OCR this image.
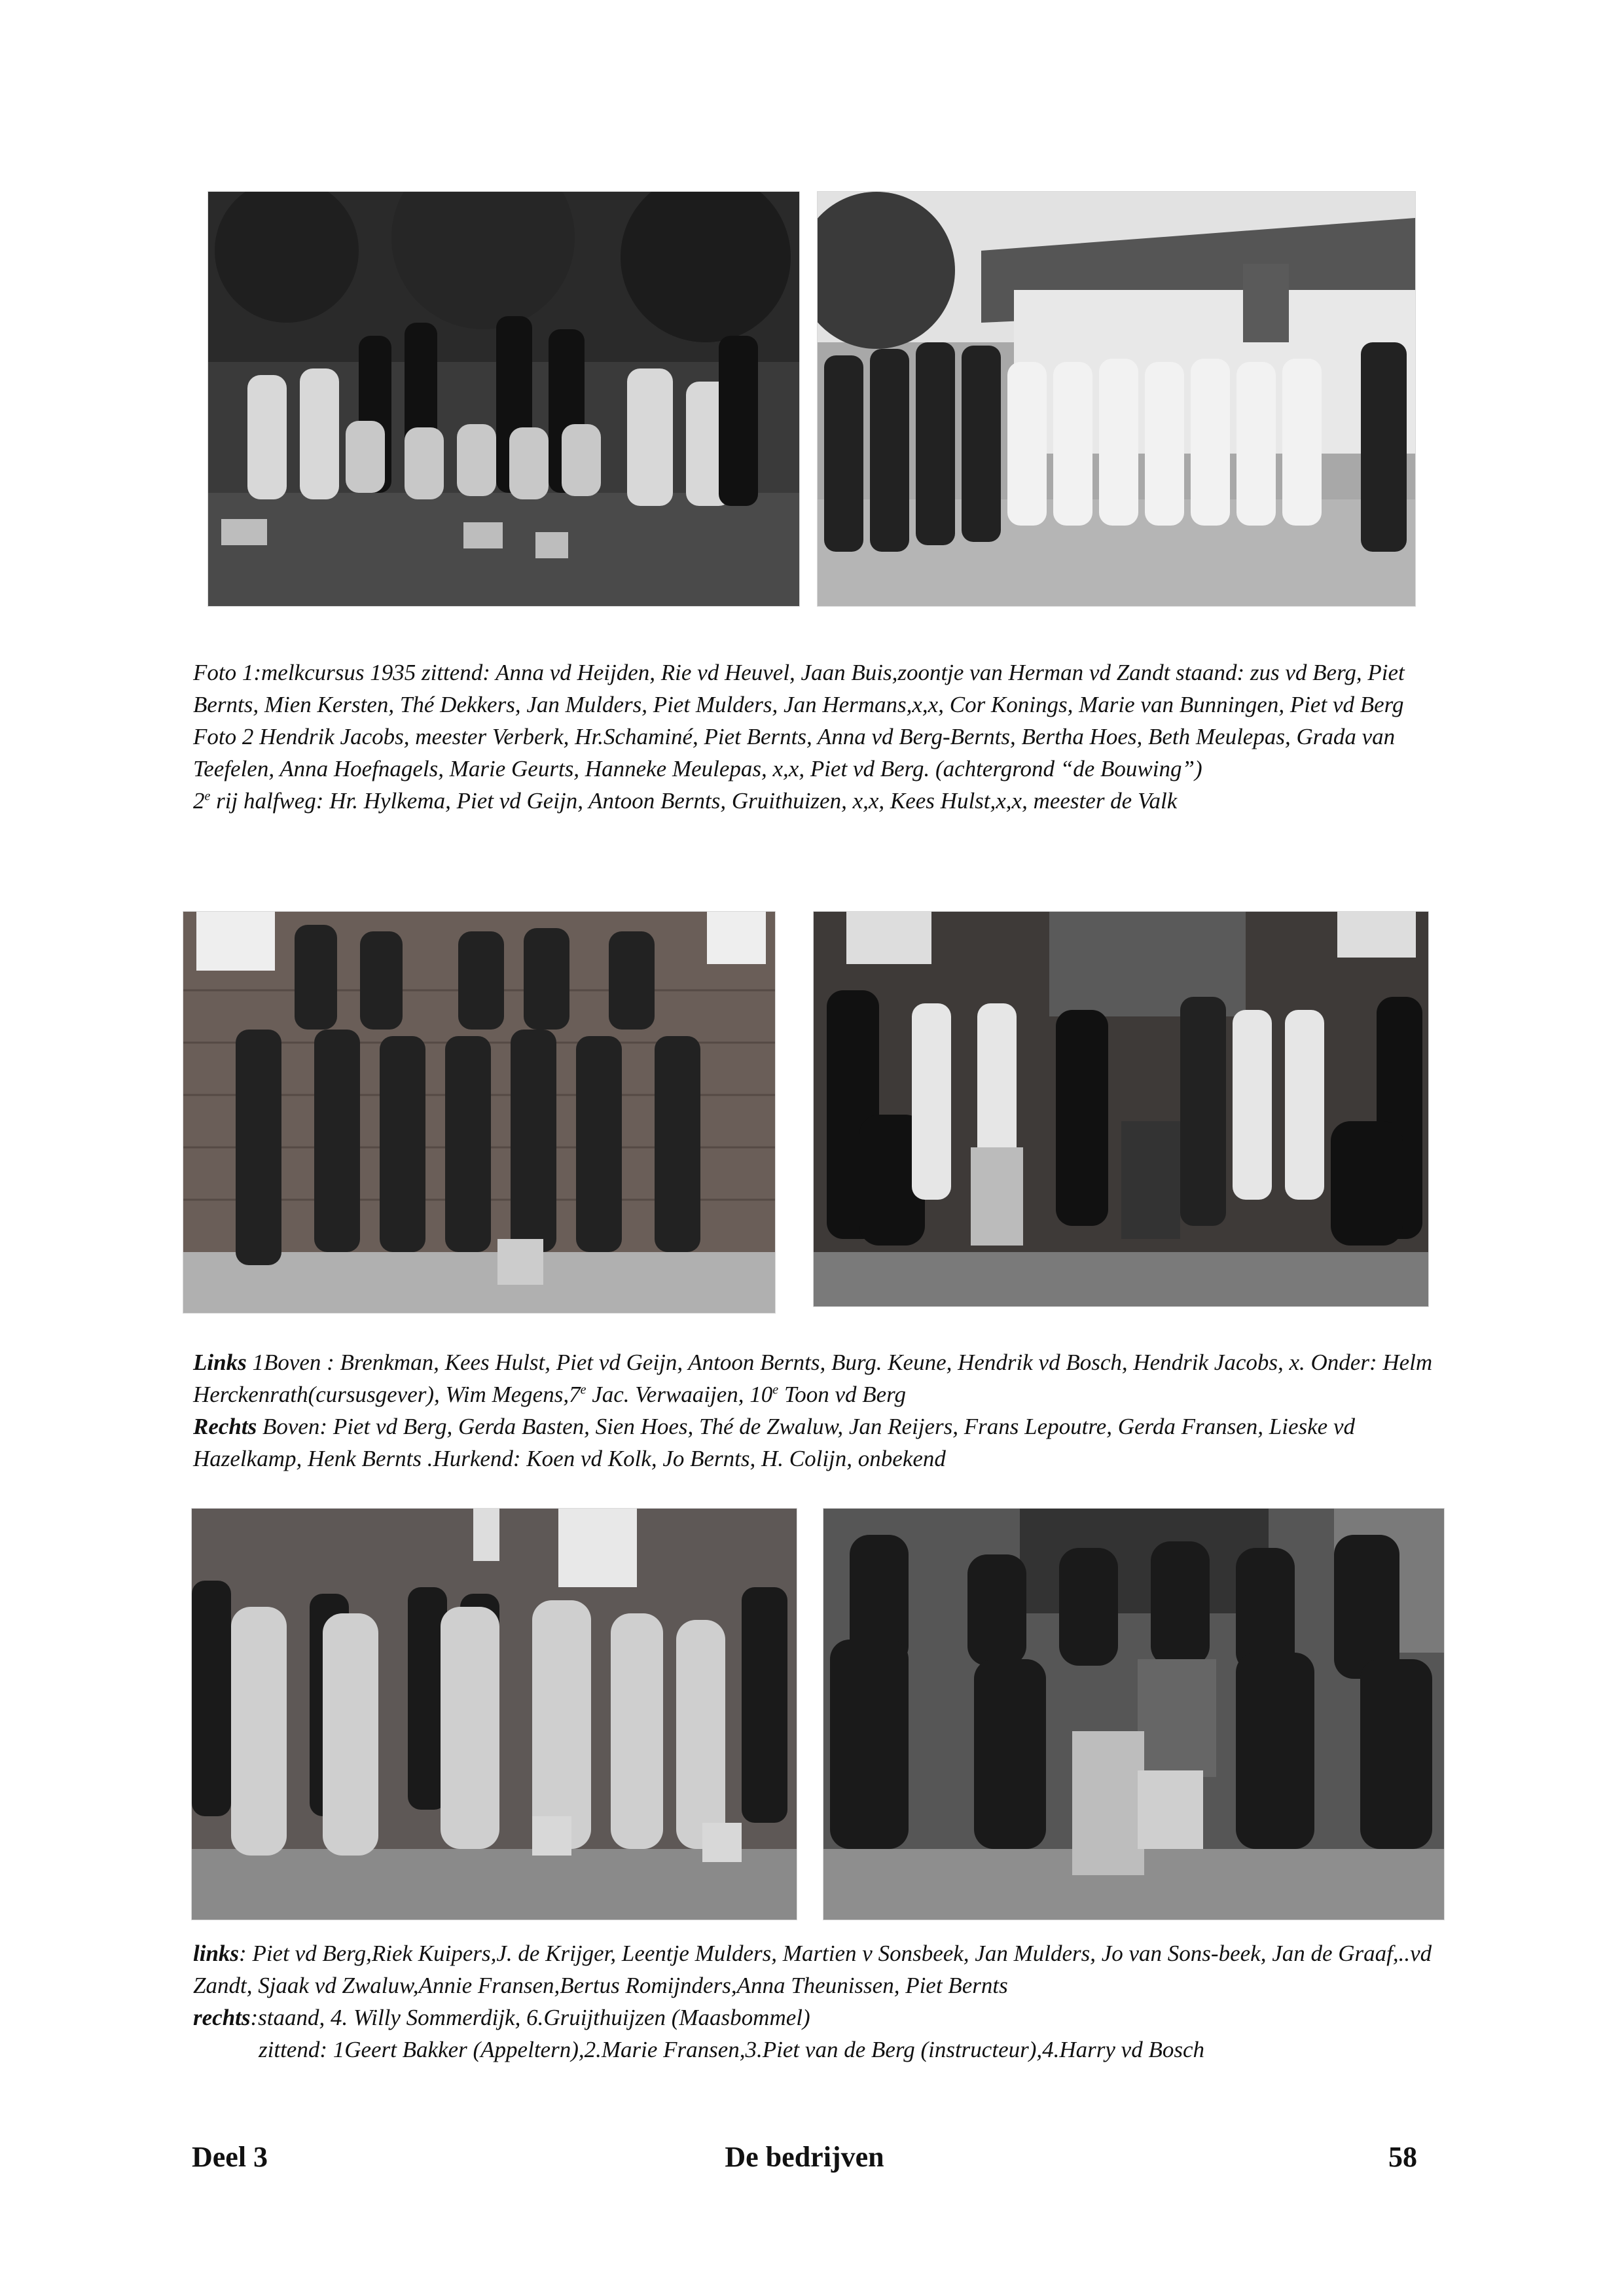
Foto 1:melkcursus 1935 zittend: Anna vd Heijden, Rie vd Heuvel, Jaan Buis,zoontje van Herman vd Zandt staand: zus vd Berg, Piet Bernts, Mien Kersten, Thé Dekkers, Jan Mulders, Piet Mulders, Jan Hermans,x,x, Cor Konings, Marie van Bunningen, Piet vd Berg

Foto 2 Hendrik Jacobs, meester Verberk, Hr.Schaminé, Piet Bernts, Anna vd Berg-Bernts, Bertha Hoes, Beth Meulepas, Grada van Teefelen, Anna Hoefnagels, Marie Geurts, Hanneke Meulepas, x,x, Piet vd Berg. (achtergrond “de Bouwing”)

2e rij halfweg: Hr. Hylkema, Piet vd Geijn, Antoon Bernts, Gruithuizen, x,x, Kees Hulst,x,x, meester de Valk

Links 1Boven : Brenkman, Kees Hulst, Piet vd Geijn, Antoon Bernts, Burg. Keune, Hendrik vd Bosch, Hendrik Jacobs, x. Onder: Helm Herckenrath(cursusgever), Wim Megens,7e Jac. Verwaaijen, 10e Toon vd Berg

Rechts Boven: Piet vd Berg, Gerda Basten, Sien Hoes, Thé de Zwaluw, Jan Reijers, Frans Lepoutre, Gerda Fransen, Lieske vd Hazelkamp, Henk Bernts .Hurkend: Koen vd Kolk, Jo Bernts, H. Colijn, onbekend

links: Piet vd Berg,Riek Kuipers,J. de Krijger, Leentje Mulders, Martien v Sonsbeek, Jan Mulders, Jo van Sons-beek, Jan de Graaf,..vd Zandt, Sjaak vd Zwaluw,Annie Fransen,Bertus Romijnders,Anna Theunissen, Piet Bernts

rechts:staand, 4. Willy Sommerdijk, 6.Gruijthuijzen (Maasbommel)

zittend: 1Geert Bakker (Appeltern),2.Marie Fransen,3.Piet van de Berg (instructeur),4.Harry vd Bosch

Deel 3	De bedrijven	58
